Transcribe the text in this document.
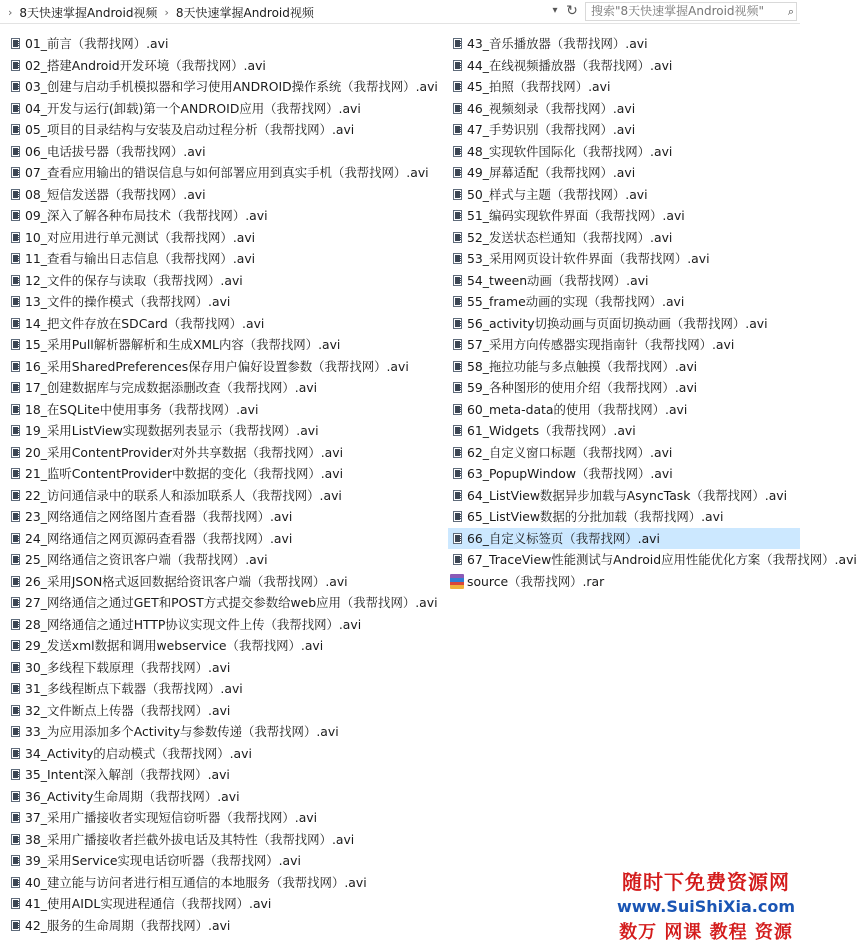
› 8天快速掌握Android视频 › 8天快速掌握Android视频	▾ ↻	搜索"8天快速掌握Android视频" ⌕
01_前言（我帮找网）.avi
02_搭建Android开发环境（我帮找网）.avi
03_创建与启动手机模拟器和学习使用ANDROID操作系统（我帮找网）.avi
04_开发与运行(卸载)第一个ANDROID应用（我帮找网）.avi
05_项目的目录结构与安装及启动过程分析（我帮找网）.avi
06_电话拔号器（我帮找网）.avi
07_查看应用输出的错误信息与如何部署应用到真实手机（我帮找网）.avi
08_短信发送器（我帮找网）.avi
09_深入了解各种布局技术（我帮找网）.avi
10_对应用进行单元测试（我帮找网）.avi
11_查看与输出日志信息（我帮找网）.avi
12_文件的保存与读取（我帮找网）.avi
13_文件的操作模式（我帮找网）.avi
14_把文件存放在SDCard（我帮找网）.avi
15_采用Pull解析器解析和生成XML内容（我帮找网）.avi
16_采用SharedPreferences保存用户偏好设置参数（我帮找网）.avi
17_创建数据库与完成数据添删改查（我帮找网）.avi
18_在SQLite中使用事务（我帮找网）.avi
19_采用ListView实现数据列表显示（我帮找网）.avi
20_采用ContentProvider对外共享数据（我帮找网）.avi
21_监听ContentProvider中数据的变化（我帮找网）.avi
22_访问通信录中的联系人和添加联系人（我帮找网）.avi
23_网络通信之网络图片查看器（我帮找网）.avi
24_网络通信之网页源码查看器（我帮找网）.avi
25_网络通信之资讯客户端（我帮找网）.avi
26_采用JSON格式返回数据给资讯客户端（我帮找网）.avi
27_网络通信之通过GET和POST方式提交参数给web应用（我帮找网）.avi
28_网络通信之通过HTTP协议实现文件上传（我帮找网）.avi
29_发送xml数据和调用webservice（我帮找网）.avi
30_多线程下载原理（我帮找网）.avi
31_多线程断点下载器（我帮找网）.avi
32_文件断点上传器（我帮找网）.avi
33_为应用添加多个Activity与参数传递（我帮找网）.avi
34_Activity的启动模式（我帮找网）.avi
35_Intent深入解剖（我帮找网）.avi
36_Activity生命周期（我帮找网）.avi
37_采用广播接收者实现短信窃听器（我帮找网）.avi
38_采用广播接收者拦截外拔电话及其特性（我帮找网）.avi
39_采用Service实现电话窃听器（我帮找网）.avi
40_建立能与访问者进行相互通信的本地服务（我帮找网）.avi
41_使用AIDL实现进程通信（我帮找网）.avi
42_服务的生命周期（我帮找网）.avi
43_音乐播放器（我帮找网）.avi
44_在线视频播放器（我帮找网）.avi
45_拍照（我帮找网）.avi
46_视频刻录（我帮找网）.avi
47_手势识别（我帮找网）.avi
48_实现软件国际化（我帮找网）.avi
49_屏幕适配（我帮找网）.avi
50_样式与主题（我帮找网）.avi
51_编码实现软件界面（我帮找网）.avi
52_发送状态栏通知（我帮找网）.avi
53_采用网页设计软件界面（我帮找网）.avi
54_tween动画（我帮找网）.avi
55_frame动画的实现（我帮找网）.avi
56_activity切换动画与页面切换动画（我帮找网）.avi
57_采用方向传感器实现指南针（我帮找网）.avi
58_拖拉功能与多点触摸（我帮找网）.avi
59_各种图形的使用介绍（我帮找网）.avi
60_meta-data的使用（我帮找网）.avi
61_Widgets（我帮找网）.avi
62_自定义窗口标题（我帮找网）.avi
63_PopupWindow（我帮找网）.avi
64_ListView数据异步加载与AsyncTask（我帮找网）.avi
65_ListView数据的分批加载（我帮找网）.avi
66_自定义标签页（我帮找网）.avi
67_TraceView性能测试与Android应用性能优化方案（我帮找网）.avi
source（我帮找网）.rar
随时下免费资源网
www.SuiShiXia.com
数万 网课 教程 资源
